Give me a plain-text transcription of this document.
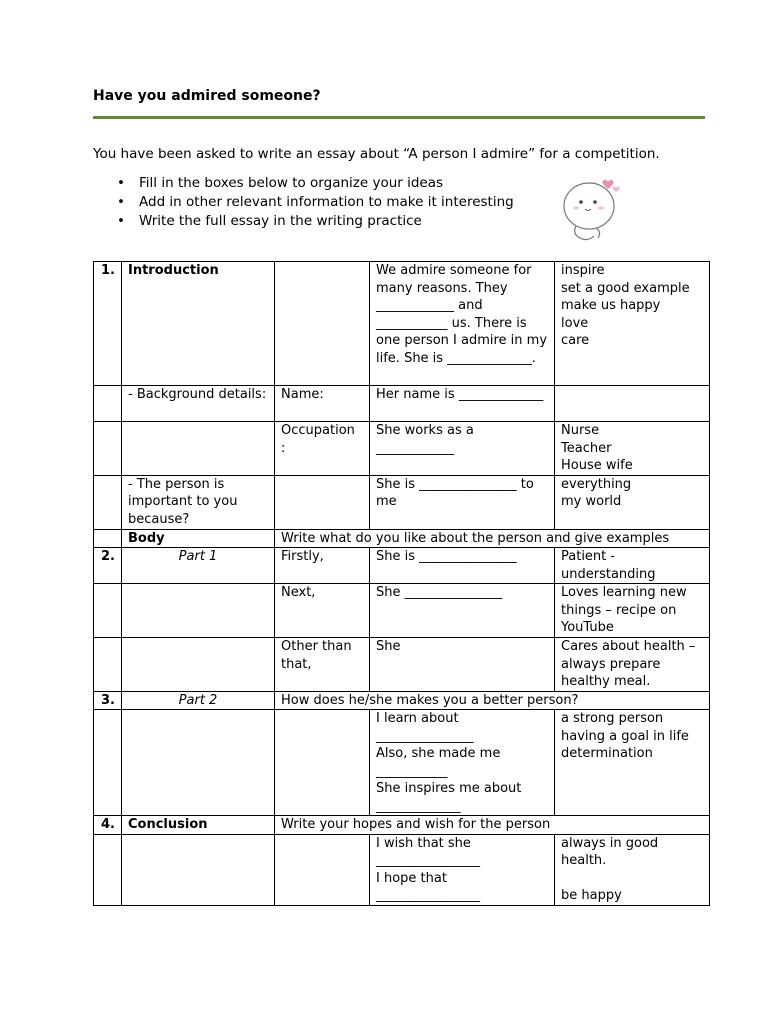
Have you admired someone?
You have been asked to write an essay about “A person I admire” for a competition.
• Fill in the boxes below to organize your ideas
• Add in other relevant information to make it interesting
• Write the full essay in the writing practice
1.	Introduction		We admire someone for many reasons. They ____________ and ___________ us. There is one person I admire in my life. She is _____________.	inspire
set a good example
make us happy
love
care
	- Background details:	Name:	Her name is _____________	
		Occupation :	She works as a ____________	Nurse
Teacher
House wife
	- The person is important to you because?		She is _______________ to me	everything
my world
	Body	Write what do you like about the person and give examples		
2.	Part 1	Firstly,	She is _______________	Patient - understanding
		Next,	She _______________	Loves learning new things – recipe on YouTube
		Other than that,	She	Cares about health – always prepare healthy meal.
3.	Part 2	How does he/she makes you a better person?		
			I learn about _______________
Also, she made me ___________
She inspires me about _____________	a strong person
having a goal in life
determination
4.	Conclusion	Write your hopes and wish for the person		
			I wish that she ________________
I hope that ________________	always in good health.

be happy
